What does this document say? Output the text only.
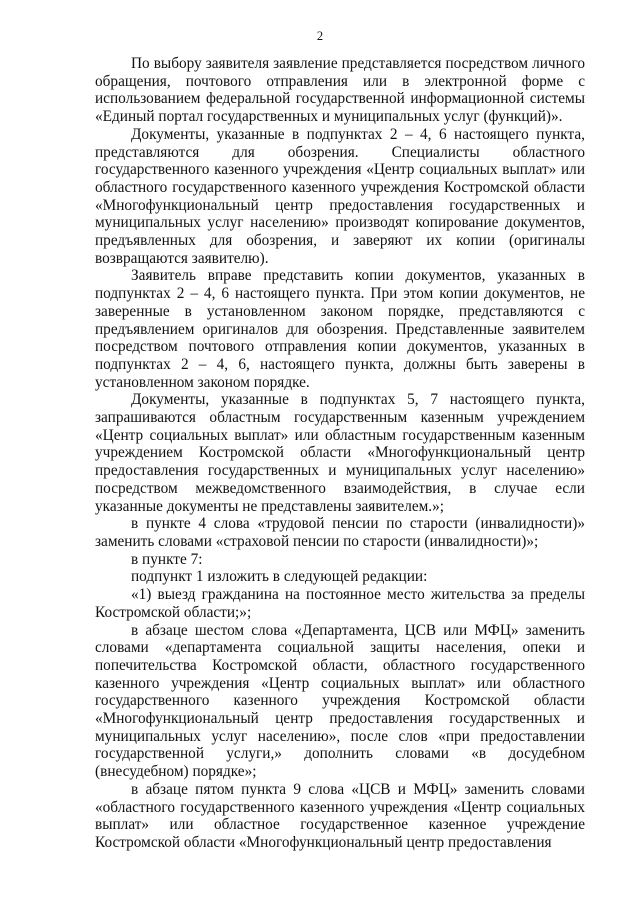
2

По выбору заявителя заявление представляется посредством личного обращения, почтового отправления или в электронной форме с использованием федеральной государственной информационной системы «Единый портал государственных и муниципальных услуг (функций)».

Документы, указанные в подпунктах 2 – 4, 6 настоящего пункта, представляются для обозрения. Специалисты областного государственного казенного учреждения «Центр социальных выплат» или областного государственного казенного учреждения Костромской области «Многофункциональный центр предоставления государственных и муниципальных услуг населению» производят копирование документов, предъявленных для обозрения, и заверяют их копии (оригиналы возвращаются заявителю).

Заявитель вправе представить копии документов, указанных в подпунктах 2 – 4, 6 настоящего пункта. При этом копии документов, не заверенные в установленном законом порядке, представляются с предъявлением оригиналов для обозрения. Представленные заявителем посредством почтового отправления копии документов, указанных в подпунктах 2 – 4, 6, настоящего пункта, должны быть заверены в установленном законом порядке.

Документы, указанные в подпунктах 5, 7 настоящего пункта, запрашиваются областным государственным казенным учреждением «Центр социальных выплат» или областным государственным казенным учреждением Костромской области «Многофункциональный центр предоставления государственных и муниципальных услуг населению» посредством межведомственного взаимодействия, в случае если указанные документы не представлены заявителем.»;

в пункте 4 слова «трудовой пенсии по старости (инвалидности)» заменить словами «страховой пенсии по старости (инвалидности)»;

в пункте 7:

подпункт 1 изложить в следующей редакции:

«1) выезд гражданина на постоянное место жительства за пределы Костромской области;»;

в абзаце шестом слова «Департамента, ЦСВ или МФЦ» заменить словами «департамента социальной защиты населения, опеки и попечительства Костромской области, областного государственного казенного учреждения «Центр социальных выплат» или областного государственного казенного учреждения Костромской области «Многофункциональный центр предоставления государственных и муниципальных услуг населению», после слов «при предоставлении государственной услуги,» дополнить словами «в досудебном (внесудебном) порядке»;

в абзаце пятом пункта 9 слова «ЦСВ и МФЦ» заменить словами «областного государственного казенного учреждения «Центр социальных выплат» или областное государственное казенное учреждение Костромской области «Многофункциональный центр предоставления
